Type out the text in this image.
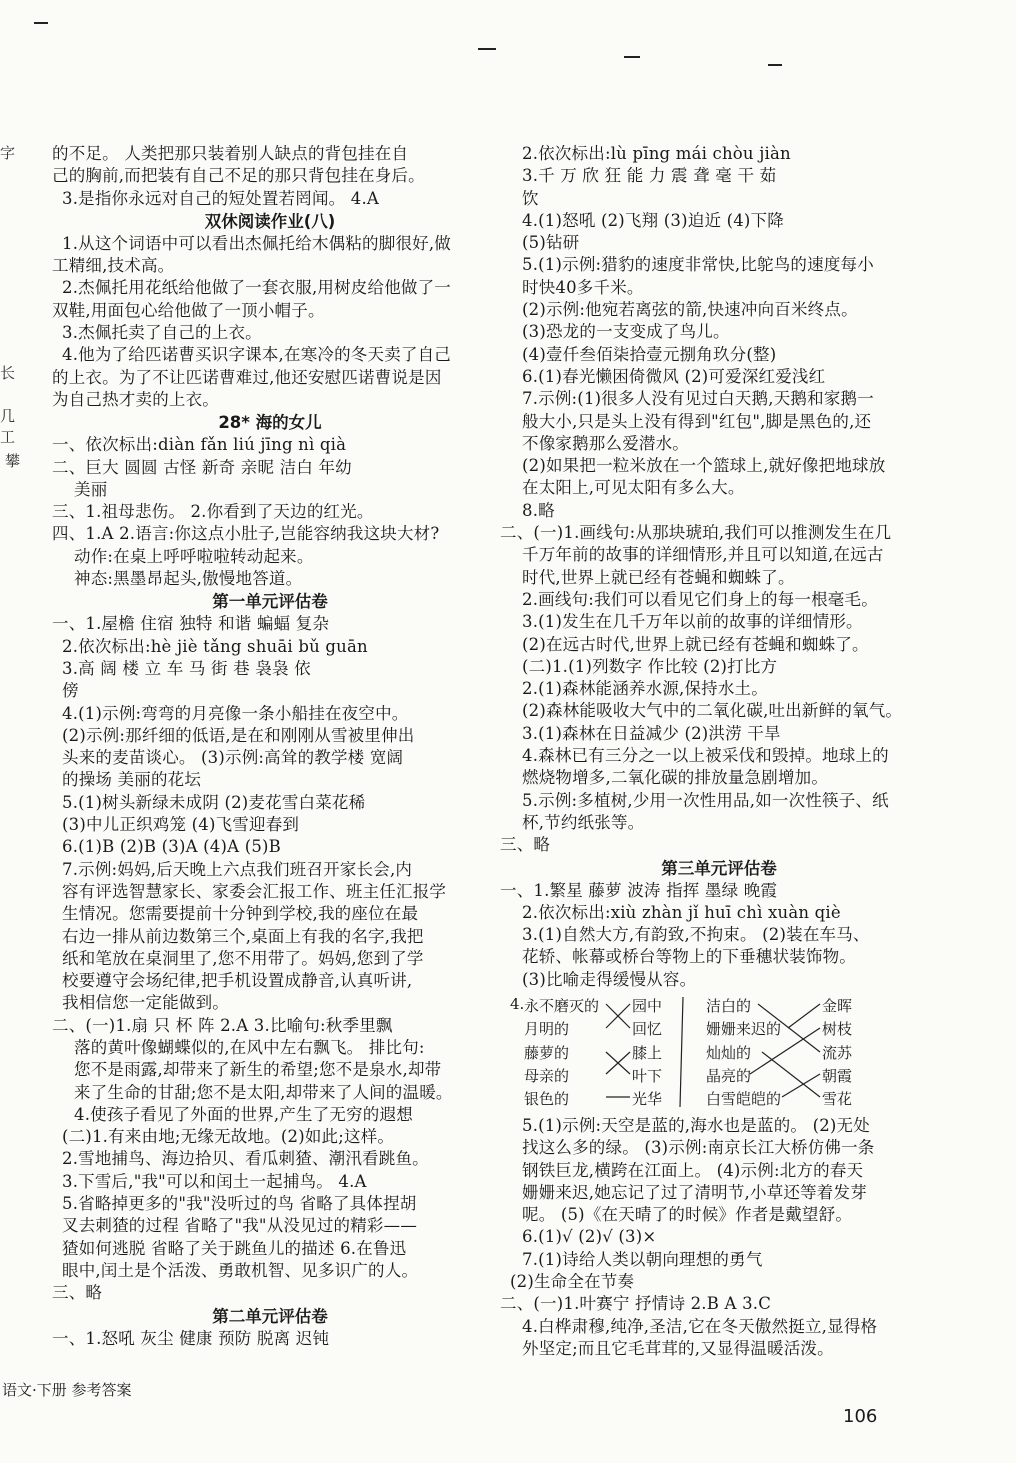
字
长
几工
攀
的不足。 人类把那只装着别人缺点的背包挂在自
己的胸前,而把装有自己不足的那只背包挂在身后。
3.是指你永远对自己的短处置若罔闻。 4.A
双休阅读作业(八)
1.从这个词语中可以看出杰佩托给木偶粘的脚很好,做
工精细,技术高。
2.杰佩托用花纸给他做了一套衣服,用树皮给他做了一
双鞋,用面包心给他做了一顶小帽子。
3.杰佩托卖了自己的上衣。
4.他为了给匹诺曹买识字课本,在寒冷的冬天卖了自己
的上衣。为了不让匹诺曹难过,他还安慰匹诺曹说是因
为自己热才卖的上衣。
28* 海的女儿
一、依次标出:diàn fǎn liú jīng nì qià
二、巨大 圆圆 古怪 新奇 亲昵 洁白 年幼
美丽
三、1.祖母悲伤。 2.你看到了天边的红光。
四、1.A 2.语言:你这点小肚子,岂能容纳我这块大材?
动作:在桌上呼呼啦啦转动起来。
神态:黑墨昂起头,傲慢地答道。
第一单元评估卷
一、1.屋檐 住宿 独特 和谐 蝙蝠 复杂
2.依次标出:hè jiè tǎng shuāi bǔ guān
3.高 阔 楼 立 车 马 街 巷 袅袅 依
傍
4.(1)示例:弯弯的月亮像一条小船挂在夜空中。
(2)示例:那纤细的低语,是在和刚刚从雪被里伸出
头来的麦苗谈心。 (3)示例:高耸的教学楼 宽阔
的操场 美丽的花坛
5.(1)树头新绿未成阴 (2)麦花雪白菜花稀
(3)中儿正织鸡笼 (4)飞雪迎春到
6.(1)B (2)B (3)A (4)A (5)B
7.示例:妈妈,后天晚上六点我们班召开家长会,内
容有评选智慧家长、家委会汇报工作、班主任汇报学
生情况。您需要提前十分钟到学校,我的座位在最
右边一排从前边数第三个,桌面上有我的名字,我把
纸和笔放在桌洞里了,您不用带了。妈妈,您到了学
校要遵守会场纪律,把手机设置成静音,认真听讲,
我相信您一定能做到。
二、(一)1.扇 只 杯 阵 2.A 3.比喻句:秋季里飘
落的黄叶像蝴蝶似的,在风中左右飘飞。 排比句:
您不是雨露,却带来了新生的希望;您不是泉水,却带
来了生命的甘甜;您不是太阳,却带来了人间的温暖。
4.使孩子看见了外面的世界,产生了无穷的遐想
(二)1.有来由地;无缘无故地。(2)如此;这样。
2.雪地捕鸟、海边拾贝、看瓜刺猹、潮汛看跳鱼。
3.下雪后,"我"可以和闰土一起捕鸟。 4.A
5.省略掉更多的"我"没听过的鸟 省略了具体捏胡
叉去刺猹的过程 省略了"我"从没见过的精彩——
猹如何逃脱 省略了关于跳鱼儿的描述 6.在鲁迅
眼中,闰土是个活泼、勇敢机智、见多识广的人。
三、略
第二单元评估卷
一、1.怒吼 灰尘 健康 预防 脱离 迟钝
2.依次标出:lù pīng mái chòu jiàn
3.千 万 欣 狂 能 力 震 聋 毫 干 茹
饮
4.(1)怒吼 (2)飞翔 (3)迫近 (4)下降
(5)钻研
5.(1)示例:猎豹的速度非常快,比鸵鸟的速度每小
时快40多千米。
(2)示例:他宛若离弦的箭,快速冲向百米终点。
(3)恐龙的一支变成了鸟儿。
(4)壹仟叁佰柒拾壹元捌角玖分(整)
6.(1)春光懒困倚微风 (2)可爱深红爱浅红
7.示例:(1)很多人没有见过白天鹅,天鹅和家鹅一
般大小,只是头上没有得到"红包",脚是黑色的,还
不像家鹅那么爱潜水。
(2)如果把一粒米放在一个篮球上,就好像把地球放
在太阳上,可见太阳有多么大。
8.略
二、(一)1.画线句:从那块琥珀,我们可以推测发生在几
千万年前的故事的详细情形,并且可以知道,在远古
时代,世界上就已经有苍蝇和蜘蛛了。
2.画线句:我们可以看见它们身上的每一根毫毛。
3.(1)发生在几千万年以前的故事的详细情形。
(2)在远古时代,世界上就已经有苍蝇和蜘蛛了。
(二)1.(1)列数字 作比较 (2)打比方
2.(1)森林能涵养水源,保持水土。
(2)森林能吸收大气中的二氧化碳,吐出新鲜的氧气。
3.(1)森林在日益减少 (2)洪涝 干旱
4.森林已有三分之一以上被采伐和毁掉。地球上的
燃烧物增多,二氧化碳的排放量急剧增加。
5.示例:多植树,少用一次性用品,如一次性筷子、纸
杯,节约纸张等。
三、略
第三单元评估卷
一、1.繁星 藤萝 波涛 指挥 墨绿 晚霞
2.依次标出:xiù zhàn jǐ huī chì xuàn qiè
3.(1)自然大方,有韵致,不拘束。 (2)装在车马、
花轿、帐幕或桥台等物上的下垂穗状装饰物。
(3)比喻走得缓慢从容。
4. 永不磨灭的
月明的
藤萝的
母亲的
银色的
园中
回忆
膝上
叶下
光华
洁白的
姗姗来迟的
灿灿的
晶亮的
白雪皑皑的
金晖
树枝
流苏
朝霞
雪花
5.(1)示例:天空是蓝的,海水也是蓝的。 (2)无处
找这么多的绿。 (3)示例:南京长江大桥仿佛一条
钢铁巨龙,横跨在江面上。 (4)示例:北方的春天
姗姗来迟,她忘记了过了清明节,小草还等着发芽
呢。 (5)《在天晴了的时候》作者是戴望舒。
6.(1)√ (2)√ (3)×
7.(1)诗给人类以朝向理想的勇气
(2)生命全在节奏
二、(一)1.叶赛宁 抒情诗 2.B A 3.C
4.白桦肃穆,纯净,圣洁,它在冬天傲然挺立,显得格
外坚定;而且它毛茸茸的,又显得温暖活泼。
语文·下册 参考答案
106
